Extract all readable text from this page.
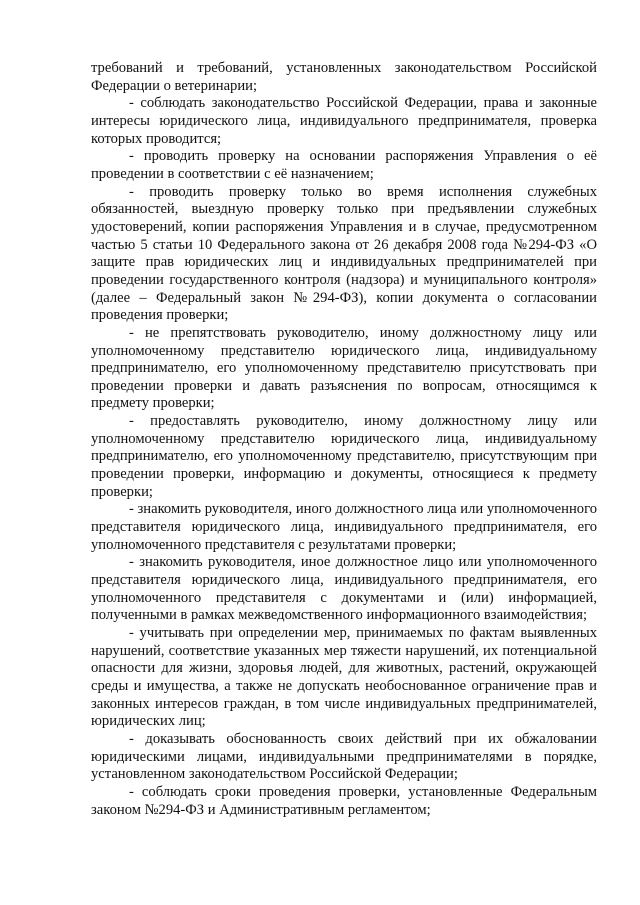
требований и требований, установленных законодательством Российской Федерации о ветеринарии;

- соблюдать законодательство Российской Федерации, права и законные интересы юридического лица, индивидуального предпринимателя, проверка которых проводится;

- проводить проверку на основании распоряжения Управления о её проведении в соответствии с её назначением;

- проводить проверку только во время исполнения служебных обязанностей, выездную проверку только при предъявлении служебных удостоверений, копии распоряжения Управления и в случае, предусмотренном частью 5 статьи 10 Федерального закона от 26 декабря 2008 года №294-ФЗ «О защите прав юридических лиц и индивидуальных предпринимателей при проведении государственного контроля (надзора) и муниципального контроля» (далее – Федеральный закон №294-ФЗ), копии документа о согласовании проведения проверки;

- не препятствовать руководителю, иному должностному лицу или уполномоченному представителю юридического лица, индивидуальному предпринимателю, его уполномоченному представителю присутствовать при проведении проверки и давать разъяснения по вопросам, относящимся к предмету проверки;

- предоставлять руководителю, иному должностному лицу или уполномоченному представителю юридического лица, индивидуальному предпринимателю, его уполномоченному представителю, присутствующим при проведении проверки, информацию и документы, относящиеся к предмету проверки;

- знакомить руководителя, иного должностного лица или уполномоченного представителя юридического лица, индивидуального предпринимателя, его уполномоченного представителя с результатами проверки;

- знакомить руководителя, иное должностное лицо или уполномоченного представителя юридического лица, индивидуального предпринимателя, его уполномоченного представителя с документами и (или) информацией, полученными в рамках межведомственного информационного взаимодействия;

- учитывать при определении мер, принимаемых по фактам выявленных нарушений, соответствие указанных мер тяжести нарушений, их потенциальной опасности для жизни, здоровья людей, для животных, растений, окружающей среды и имущества, а также не допускать необоснованное ограничение прав и законных интересов граждан, в том числе индивидуальных предпринимателей, юридических лиц;

- доказывать обоснованность своих действий при их обжаловании юридическими лицами, индивидуальными предпринимателями в порядке, установленном законодательством Российской Федерации;

- соблюдать сроки проведения проверки, установленные Федеральным законом №294-ФЗ и Административным регламентом;
